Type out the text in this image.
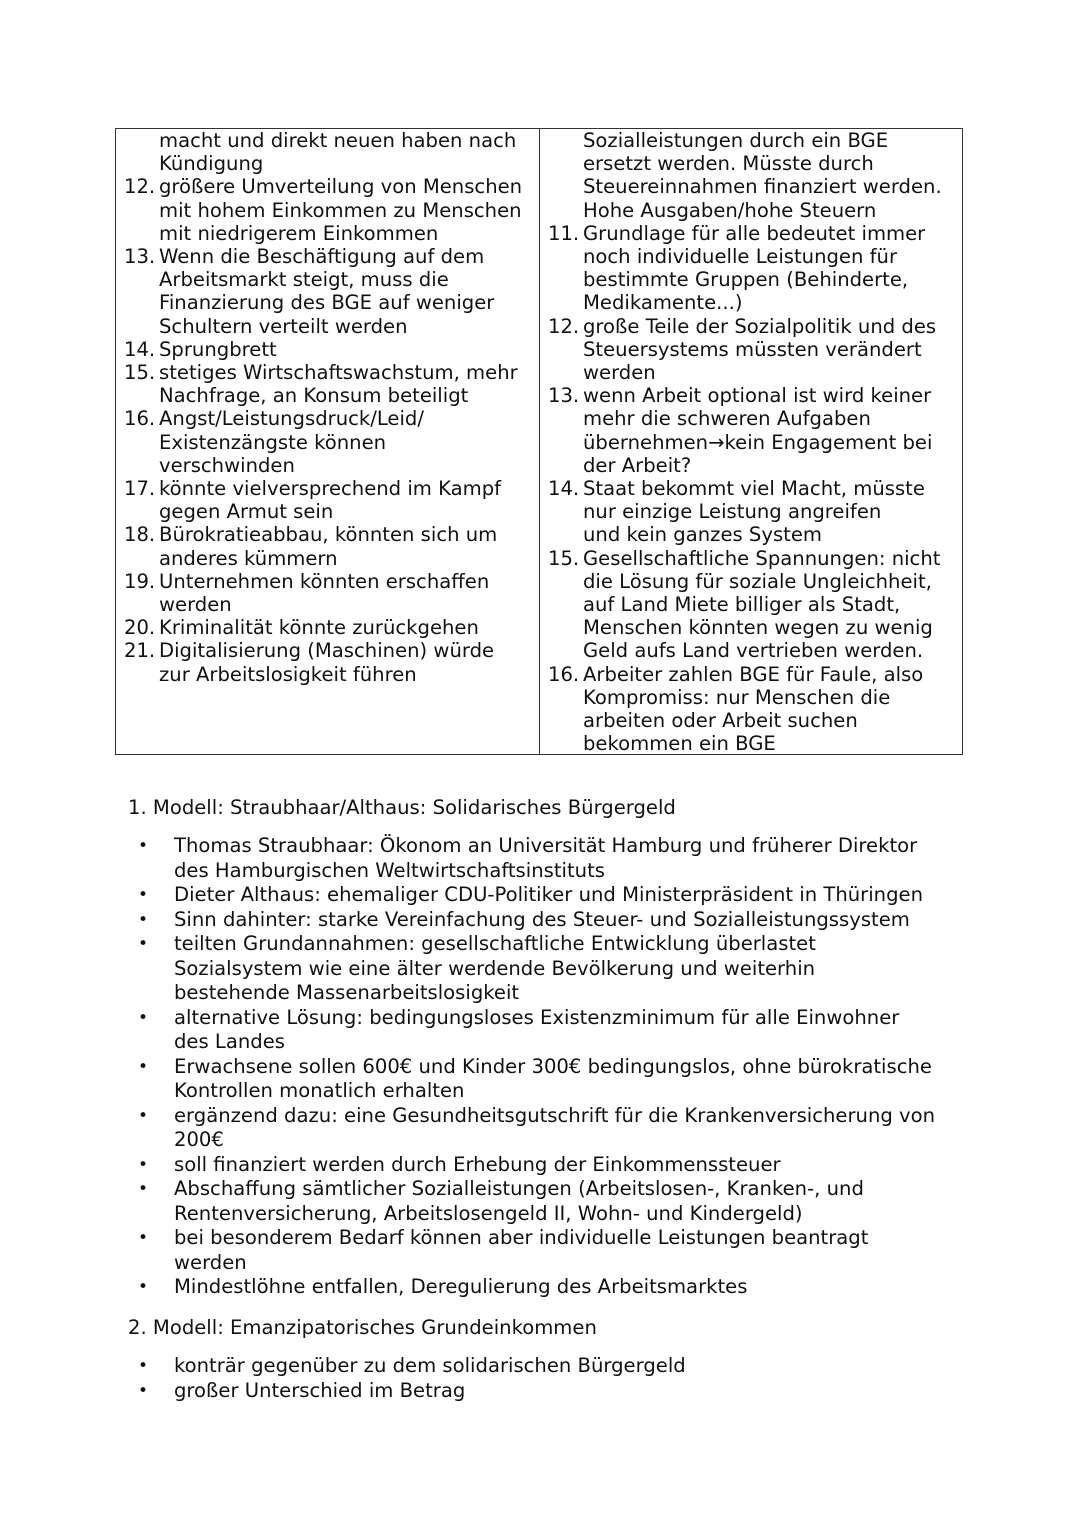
macht und direkt neuen haben nach
Kündigung
12. größere Umverteilung von Menschen
mit hohem Einkommen zu Menschen
mit niedrigerem Einkommen
13. Wenn die Beschäftigung auf dem
Arbeitsmarkt steigt, muss die
Finanzierung des BGE auf weniger
Schultern verteilt werden
14. Sprungbrett
15. stetiges Wirtschaftswachstum, mehr
Nachfrage, an Konsum beteiligt
16. Angst/Leistungsdruck/Leid/
Existenzängste können
verschwinden
17. könnte vielversprechend im Kampf
gegen Armut sein
18. Bürokratieabbau, könnten sich um
anderes kümmern
19. Unternehmen könnten erschaffen
werden
20. Kriminalität könnte zurückgehen
21. Digitalisierung (Maschinen) würde
zur Arbeitslosigkeit führen
Sozialleistungen durch ein BGE
ersetzt werden. Müsste durch
Steuereinnahmen finanziert werden.
Hohe Ausgaben/hohe Steuern
11. Grundlage für alle bedeutet immer
noch individuelle Leistungen für
bestimmte Gruppen (Behinderte,
Medikamente...)
12. große Teile der Sozialpolitik und des
Steuersystems müssten verändert
werden
13. wenn Arbeit optional ist wird keiner
mehr die schweren Aufgaben
übernehmen→kein Engagement bei
der Arbeit?
14. Staat bekommt viel Macht, müsste
nur einzige Leistung angreifen
und kein ganzes System
15. Gesellschaftliche Spannungen: nicht
die Lösung für soziale Ungleichheit,
auf Land Miete billiger als Stadt,
Menschen könnten wegen zu wenig
Geld aufs Land vertrieben werden.
16. Arbeiter zahlen BGE für Faule, also
Kompromiss: nur Menschen die
arbeiten oder Arbeit suchen
bekommen ein BGE
1. Modell: Straubhaar/Althaus: Solidarisches Bürgergeld
•	Thomas Straubhaar: Ökonom an Universität Hamburg und früherer Direktor
des Hamburgischen Weltwirtschaftsinstituts
•	Dieter Althaus: ehemaliger CDU-Politiker und Ministerpräsident in Thüringen
•	Sinn dahinter: starke Vereinfachung des Steuer- und Sozialleistungssystem
•	teilten Grundannahmen: gesellschaftliche Entwicklung überlastet
Sozialsystem wie eine älter werdende Bevölkerung und weiterhin
bestehende Massenarbeitslosigkeit
•	alternative Lösung: bedingungsloses Existenzminimum für alle Einwohner
des Landes
•	Erwachsene sollen 600€ und Kinder 300€ bedingungslos, ohne bürokratische
Kontrollen monatlich erhalten
•	ergänzend dazu: eine Gesundheitsgutschrift für die Krankenversicherung von
200€
•	soll finanziert werden durch Erhebung der Einkommenssteuer
•	Abschaffung sämtlicher Sozialleistungen (Arbeitslosen-, Kranken-, und
Rentenversicherung, Arbeitslosengeld II, Wohn- und Kindergeld)
•	bei besonderem Bedarf können aber individuelle Leistungen beantragt
werden
•	Mindestlöhne entfallen, Deregulierung des Arbeitsmarktes
2. Modell: Emanzipatorisches Grundeinkommen
•	konträr gegenüber zu dem solidarischen Bürgergeld
•	großer Unterschied im Betrag
